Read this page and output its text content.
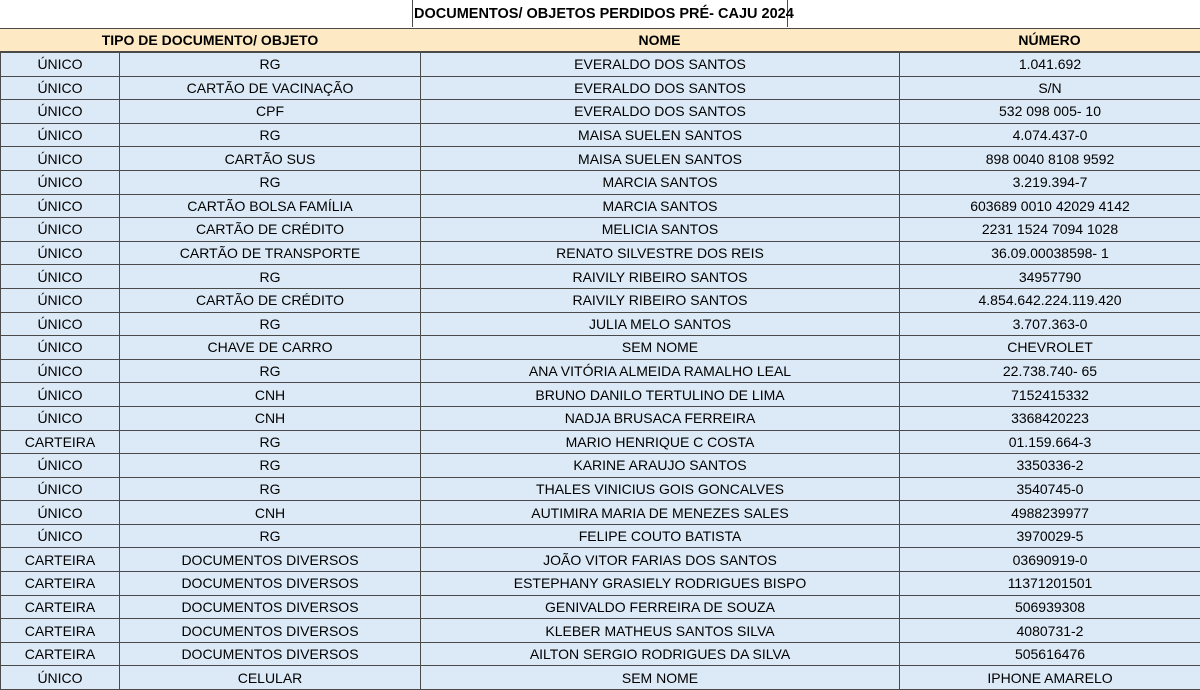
DOCUMENTOS/ OBJETOS PERDIDOS PRÉ- CAJU 2024
TIPO DE DOCUMENTO/ OBJETO	NOME	NÚMERO
ÚNICO	RG	EVERALDO DOS SANTOS	1.041.692
ÚNICO	CARTÃO DE VACINAÇÃO	EVERALDO DOS SANTOS	S/N
ÚNICO	CPF	EVERALDO DOS SANTOS	532 098 005- 10
ÚNICO	RG	MAISA SUELEN SANTOS	4.074.437-0
ÚNICO	CARTÃO SUS	MAISA SUELEN SANTOS	898 0040 8108 9592
ÚNICO	RG	MARCIA SANTOS	3.219.394-7
ÚNICO	CARTÃO BOLSA FAMÍLIA	MARCIA SANTOS	603689 0010 42029 4142
ÚNICO	CARTÃO DE CRÉDITO	MELICIA SANTOS	2231 1524 7094 1028
ÚNICO	CARTÃO DE TRANSPORTE	RENATO SILVESTRE DOS REIS	36.09.00038598- 1
ÚNICO	RG	RAIVILY RIBEIRO SANTOS	34957790
ÚNICO	CARTÃO DE CRÉDITO	RAIVILY RIBEIRO SANTOS	4.854.642.224.119.420
ÚNICO	RG	JULIA MELO SANTOS	3.707.363-0
ÚNICO	CHAVE DE CARRO	SEM NOME	CHEVROLET
ÚNICO	RG	ANA VITÓRIA ALMEIDA RAMALHO LEAL	22.738.740- 65
ÚNICO	CNH	BRUNO DANILO TERTULINO DE LIMA	7152415332
ÚNICO	CNH	NADJA BRUSACA FERREIRA	3368420223
CARTEIRA	RG	MARIO HENRIQUE C COSTA	01.159.664-3
ÚNICO	RG	KARINE ARAUJO SANTOS	3350336-2
ÚNICO	RG	THALES VINICIUS GOIS GONCALVES	3540745-0
ÚNICO	CNH	AUTIMIRA MARIA DE MENEZES SALES	4988239977
ÚNICO	RG	FELIPE COUTO BATISTA	3970029-5
CARTEIRA	DOCUMENTOS DIVERSOS	JOÃO VITOR FARIAS DOS SANTOS	03690919-0
CARTEIRA	DOCUMENTOS DIVERSOS	ESTEPHANY GRASIELY RODRIGUES BISPO	11371201501
CARTEIRA	DOCUMENTOS DIVERSOS	GENIVALDO FERREIRA DE SOUZA	506939308
CARTEIRA	DOCUMENTOS DIVERSOS	KLEBER MATHEUS SANTOS SILVA	4080731-2
CARTEIRA	DOCUMENTOS DIVERSOS	AILTON SERGIO RODRIGUES DA SILVA	505616476
ÚNICO	CELULAR	SEM NOME	IPHONE AMARELO
